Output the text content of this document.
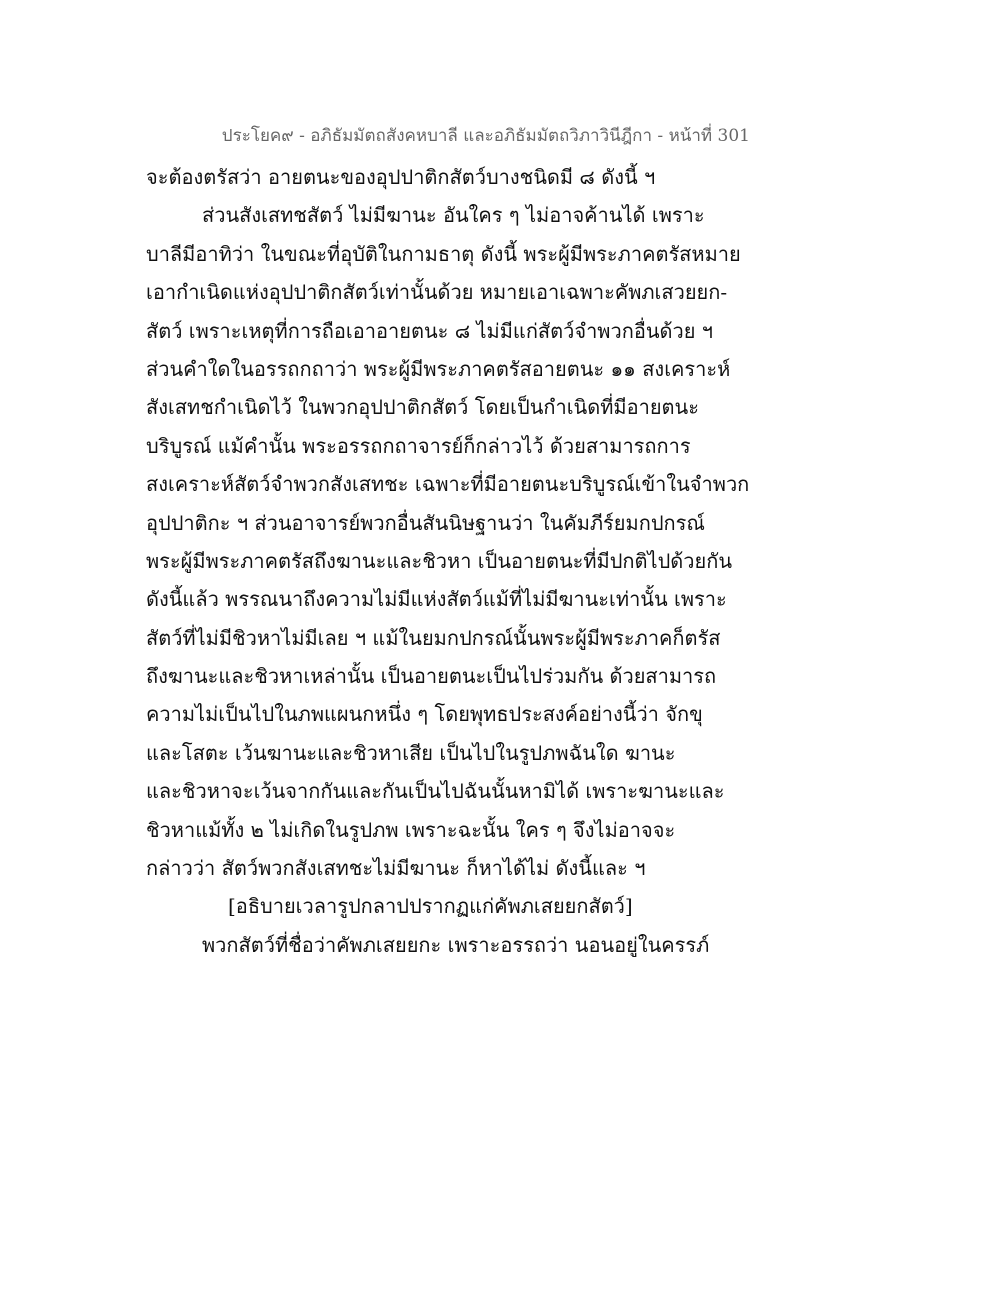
ประโยค๙ - อภิธัมมัตถสังคหบาลี และอภิธัมมัตถวิภาวินีฎีกา - หน้าที่ 301
จะต้องตรัสว่า อายตนะของอุปปาติกสัตว์บางชนิดมี ๘ ดังนี้ ฯ
ส่วนสังเสทชสัตว์ ไม่มีฆานะ อันใคร ๆ ไม่อาจค้านได้ เพราะ
บาลีมีอาทิว่า ในขณะที่อุบัติในกามธาตุ ดังนี้ พระผู้มีพระภาคตรัสหมาย
เอากำเนิดแห่งอุปปาติกสัตว์เท่านั้นด้วย หมายเอาเฉพาะคัพภเสวยยก-
สัตว์ เพราะเหตุที่การถือเอาอายตนะ ๘ ไม่มีแก่สัตว์จำพวกอื่นด้วย ฯ
ส่วนคำใดในอรรถกถาว่า พระผู้มีพระภาคตรัสอายตนะ ๑๑ สงเคราะห์
สังเสทชกำเนิดไว้ ในพวกอุปปาติกสัตว์ โดยเป็นกำเนิดที่มีอายตนะ
บริบูรณ์ แม้คำนั้น พระอรรถกถาจารย์ก็กล่าวไว้ ด้วยสามารถการ
สงเคราะห์สัตว์จำพวกสังเสทชะ เฉพาะที่มีอายตนะบริบูรณ์เข้าในจำพวก
อุปปาติกะ ฯ ส่วนอาจารย์พวกอื่นสันนิษฐานว่า ในคัมภีร์ยมกปกรณ์
พระผู้มีพระภาคตรัสถึงฆานะและชิวหา เป็นอายตนะที่มีปกติไปด้วยกัน
ดังนี้แล้ว พรรณนาถึงความไม่มีแห่งสัตว์แม้ที่ไม่มีฆานะเท่านั้น เพราะ
สัตว์ที่ไม่มีชิวหาไม่มีเลย ฯ แม้ในยมกปกรณ์นั้นพระผู้มีพระภาคก็ตรัส
ถึงฆานะและชิวหาเหล่านั้น เป็นอายตนะเป็นไปร่วมกัน ด้วยสามารถ
ความไม่เป็นไปในภพแผนกหนึ่ง ๆ โดยพุทธประสงค์อย่างนี้ว่า จักขุ
และโสตะ เว้นฆานะและชิวหาเสีย เป็นไปในรูปภพฉันใด ฆานะ
และชิวหาจะเว้นจากกันและกันเป็นไปฉันนั้นหามิได้ เพราะฆานะและ
ชิวหาแม้ทั้ง ๒ ไม่เกิดในรูปภพ เพราะฉะนั้น ใคร ๆ จึงไม่อาจจะ
กล่าวว่า สัตว์พวกสังเสทชะไม่มีฆานะ ก็หาได้ไม่ ดังนี้และ ฯ
[อธิบายเวลารูปกลาปปรากฏแก่คัพภเสยยกสัตว์]
พวกสัตว์ที่ชื่อว่าคัพภเสยยกะ เพราะอรรถว่า นอนอยู่ในครรภ์
